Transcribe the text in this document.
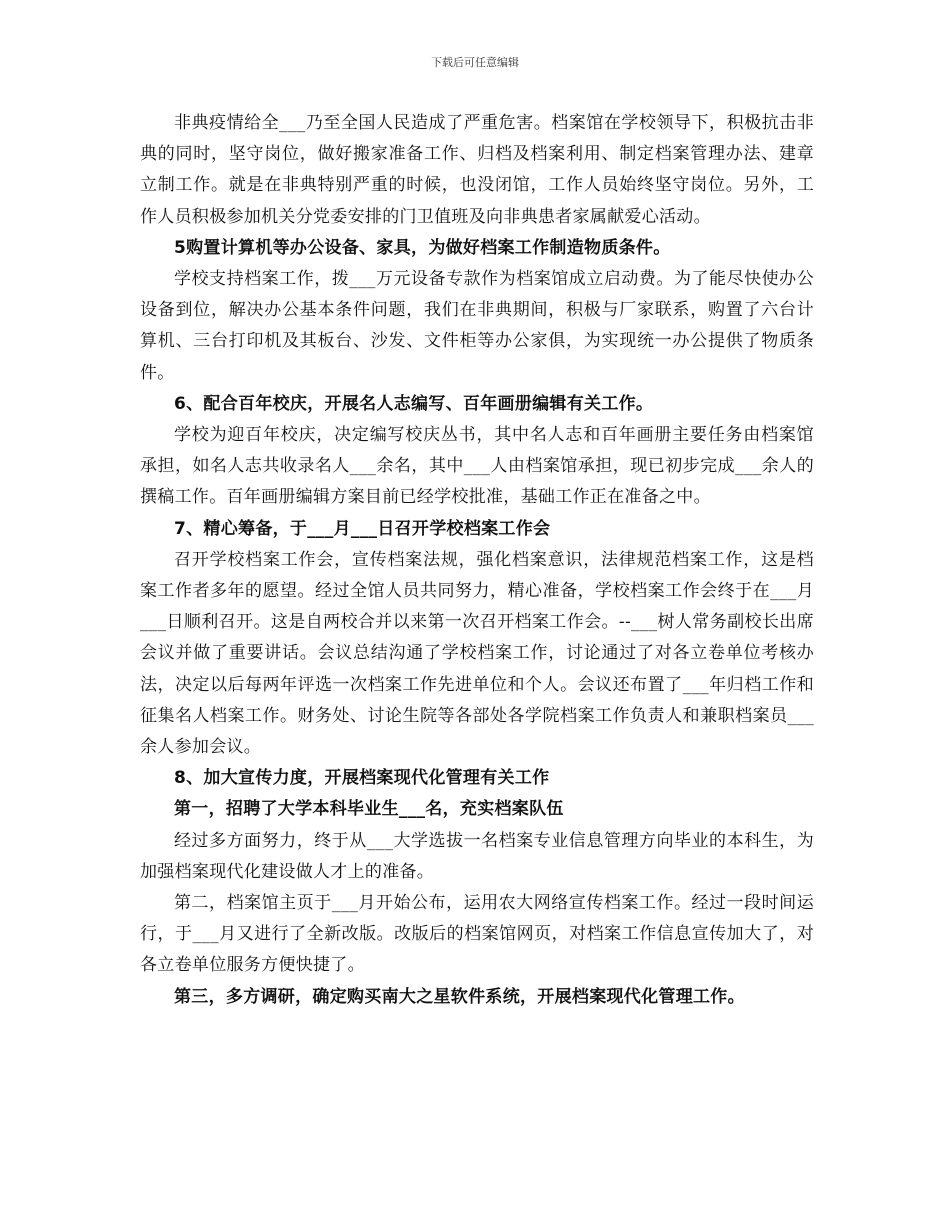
下载后可任意编辑

非典疫情给全___乃至全国人民造成了严重危害。档案馆在学校领导下，积极抗击非典的同时，坚守岗位，做好搬家准备工作、归档及档案利用、制定档案管理办法、建章立制工作。就是在非典特别严重的时候，也没闭馆，工作人员始终坚守岗位。另外，工作人员积极参加机关分党委安排的门卫值班及向非典患者家属献爱心活动。

5购置计算机等办公设备、家具，为做好档案工作制造物质条件。

学校支持档案工作，拨___万元设备专款作为档案馆成立启动费。为了能尽快使办公设备到位，解决办公基本条件问题，我们在非典期间，积极与厂家联系，购置了六台计算机、三台打印机及其板台、沙发、文件柜等办公家俱，为实现统一办公提供了物质条件。

6、配合百年校庆，开展名人志编写、百年画册编辑有关工作。

学校为迎百年校庆，决定编写校庆丛书，其中名人志和百年画册主要任务由档案馆承担，如名人志共收录名人___余名，其中___人由档案馆承担，现已初步完成___余人的撰稿工作。百年画册编辑方案目前已经学校批准，基础工作正在准备之中。

7、精心筹备，于___月___日召开学校档案工作会

召开学校档案工作会，宣传档案法规，强化档案意识，法律规范档案工作，这是档案工作者多年的愿望。经过全馆人员共同努力，精心准备，学校档案工作会终于在___月___日顺利召开。这是自两校合并以来第一次召开档案工作会。--___树人常务副校长出席会议并做了重要讲话。会议总结沟通了学校档案工作，讨论通过了对各立卷单位考核办法，决定以后每两年评选一次档案工作先进单位和个人。会议还布置了___年归档工作和征集名人档案工作。财务处、讨论生院等各部处各学院档案工作负责人和兼职档案员___余人参加会议。

8、加大宣传力度，开展档案现代化管理有关工作

第一，招聘了大学本科毕业生___名，充实档案队伍

经过多方面努力，终于从___大学选拔一名档案专业信息管理方向毕业的本科生，为加强档案现代化建设做人才上的准备。

第二，档案馆主页于___月开始公布，运用农大网络宣传档案工作。经过一段时间运行，于___月又进行了全新改版。改版后的档案馆网页，对档案工作信息宣传加大了，对各立卷单位服务方便快捷了。

第三，多方调研，确定购买南大之星软件系统，开展档案现代化管理工作。
